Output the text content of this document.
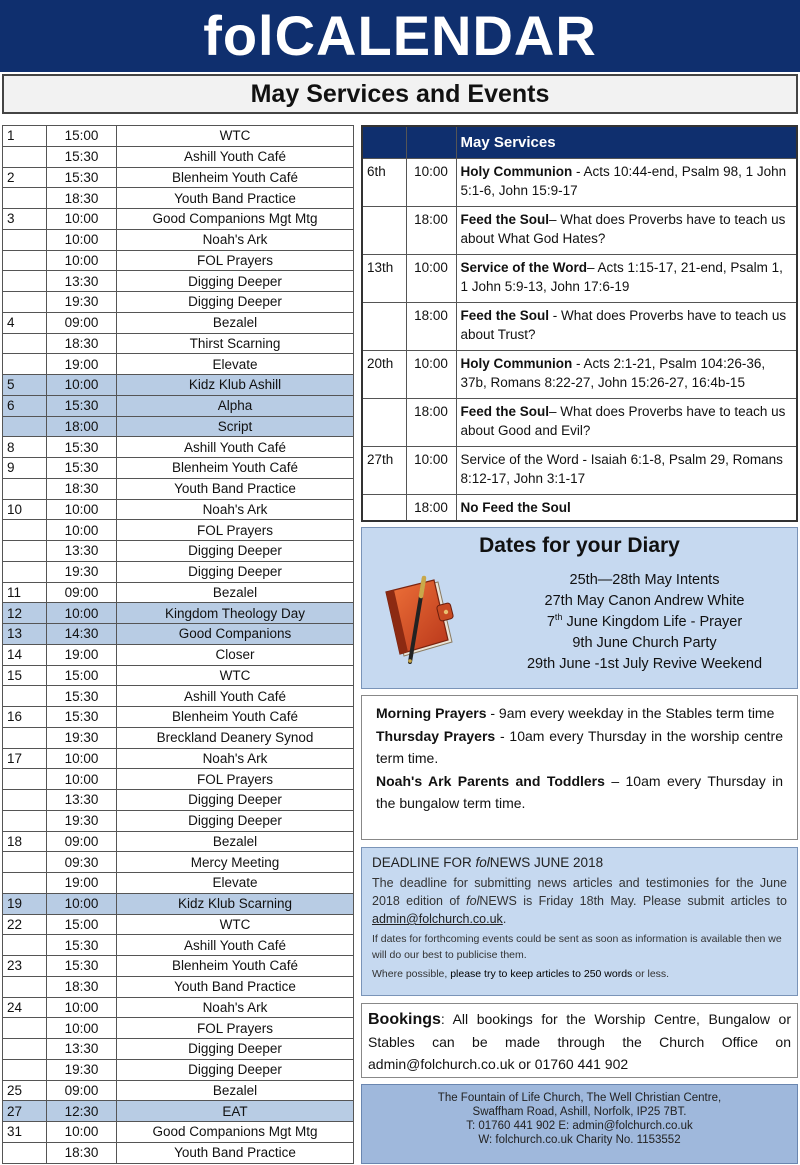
folCALENDAR
May Services and Events
1	15:00	WTC
	15:30	Ashill Youth Café
2	15:30	Blenheim Youth Café
	18:30	Youth Band Practice
3	10:00	Good Companions Mgt Mtg
	10:00	Noah's Ark
	10:00	FOL Prayers
	13:30	Digging Deeper
	19:30	Digging Deeper
4	09:00	Bezalel
	18:30	Thirst Scarning
	19:00	Elevate
5	10:00	Kidz Klub Ashill
6	15:30	Alpha
	18:00	Script
8	15:30	Ashill Youth Café
9	15:30	Blenheim Youth Café
	18:30	Youth Band Practice
10	10:00	Noah's Ark
	10:00	FOL Prayers
	13:30	Digging Deeper
	19:30	Digging Deeper
11	09:00	Bezalel
12	10:00	Kingdom Theology Day
13	14:30	Good Companions
14	19:00	Closer
15	15:00	WTC
	15:30	Ashill Youth Café
16	15:30	Blenheim Youth Café
	19:30	Breckland Deanery Synod
17	10:00	Noah's Ark
	10:00	FOL Prayers
	13:30	Digging Deeper
	19:30	Digging Deeper
18	09:00	Bezalel
	09:30	Mercy Meeting
	19:00	Elevate
19	10:00	Kidz Klub Scarning
22	15:00	WTC
	15:30	Ashill Youth Café
23	15:30	Blenheim Youth Café
	18:30	Youth Band Practice
24	10:00	Noah's Ark
	10:00	FOL Prayers
	13:30	Digging Deeper
	19:30	Digging Deeper
25	09:00	Bezalel
27	12:30	EAT
31	10:00	Good Companions Mgt Mtg
	18:30	Youth Band Practice
		May Services
6th	10:00	Holy Communion - Acts 10:44-end, Psalm 98, 1 John 5:1-6, John 15:9-17
	18:00	Feed the Soul– What does Proverbs have to teach us about What God Hates?
13th	10:00	Service of the Word– Acts 1:15-17, 21-end, Psalm 1, 1 John 5:9-13, John 17:6-19
	18:00	Feed the Soul - What does Proverbs have to teach us about Trust?
20th	10:00	Holy Communion - Acts 2:1-21, Psalm 104:26-36, 37b, Romans 8:22-27, John 15:26-27, 16:4b-15
	18:00	Feed the Soul– What does Proverbs have to teach us about Good and Evil?
27th	10:00	Service of the Word - Isaiah 6:1-8, Psalm 29, Romans 8:12-17, John 3:1-17
	18:00	No Feed the Soul
Dates for your Diary
25th—28th May Intents
27th May Canon Andrew White
7th June Kingdom Life - Prayer
9th June Church Party
29th June -1st July Revive Weekend

Morning Prayers - 9am every weekday in the Stables term time

Thursday Prayers - 10am every Thursday in the worship centre term time.

Noah's Ark Parents and Toddlers – 10am every Thursday in the bungalow term time.

DEADLINE FOR folNEWS JUNE 2018
The deadline for submitting news articles and testimonies for the June 2018 edition of folNEWS is Friday 18th May. Please submit articles to admin@folchurch.co.uk.
If dates for forthcoming events could be sent as soon as information is available then we will do our best to publicise them.
Where possible, please try to keep articles to 250 words or less.
Bookings: All bookings for the Worship Centre, Bungalow or Stables can be made through the Church Office on admin@folchurch.co.uk or 01760 441 902
The Fountain of Life Church, The Well Christian Centre,
Swaffham Road, Ashill, Norfolk, IP25 7BT.
T: 01760 441 902 E: admin@folchurch.co.uk
W: folchurch.co.uk Charity No. 1153552
